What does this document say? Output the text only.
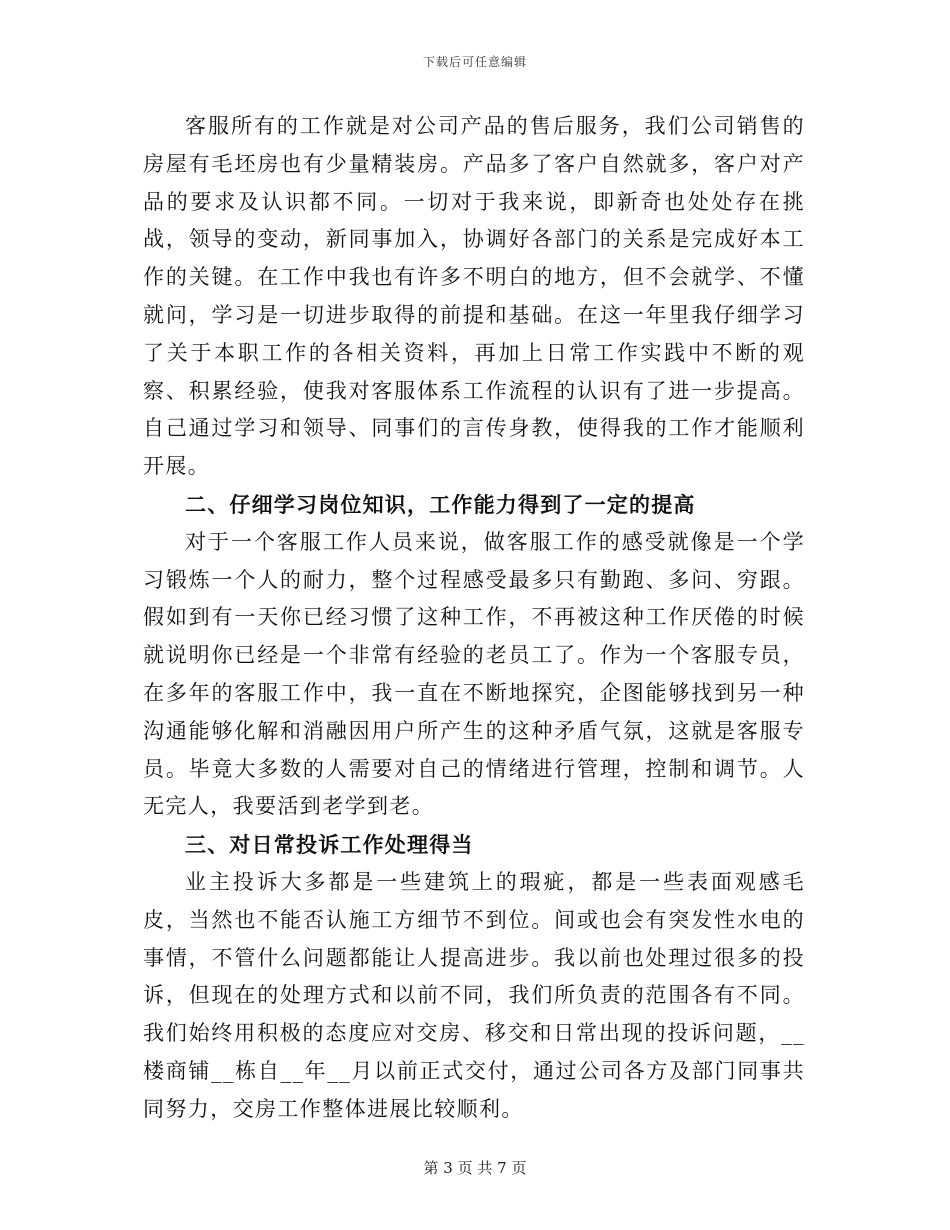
下载后可任意编辑

客服所有的工作就是对公司产品的售后服务，我们公司销售的房屋有毛坯房也有少量精装房。产品多了客户自然就多，客户对产品的要求及认识都不同。一切对于我来说，即新奇也处处存在挑战，领导的变动，新同事加入，协调好各部门的关系是完成好本工作的关键。在工作中我也有许多不明白的地方，但不会就学、不懂就问，学习是一切进步取得的前提和基础。在这一年里我仔细学习了关于本职工作的各相关资料，再加上日常工作实践中不断的观察、积累经验，使我对客服体系工作流程的认识有了进一步提高。自己通过学习和领导、同事们的言传身教，使得我的工作才能顺利开展。

二、仔细学习岗位知识，工作能力得到了一定的提高

对于一个客服工作人员来说，做客服工作的感受就像是一个学习锻炼一个人的耐力，整个过程感受最多只有勤跑、多问、穷跟。假如到有一天你已经习惯了这种工作，不再被这种工作厌倦的时候就说明你已经是一个非常有经验的老员工了。作为一个客服专员，在多年的客服工作中，我一直在不断地探究，企图能够找到另一种沟通能够化解和消融因用户所产生的这种矛盾气氛，这就是客服专员。毕竟大多数的人需要对自己的情绪进行管理，控制和调节。人无完人，我要活到老学到老。

三、对日常投诉工作处理得当

业主投诉大多都是一些建筑上的瑕疵，都是一些表面观感毛皮，当然也不能否认施工方细节不到位。间或也会有突发性水电的事情，不管什么问题都能让人提高进步。我以前也处理过很多的投诉，但现在的处理方式和以前不同，我们所负责的范围各有不同。我们始终用积极的态度应对交房、移交和日常出现的投诉问题，__楼商铺__栋自__年__月以前正式交付，通过公司各方及部门同事共同努力，交房工作整体进展比较顺利。

第 3 页 共 7 页
